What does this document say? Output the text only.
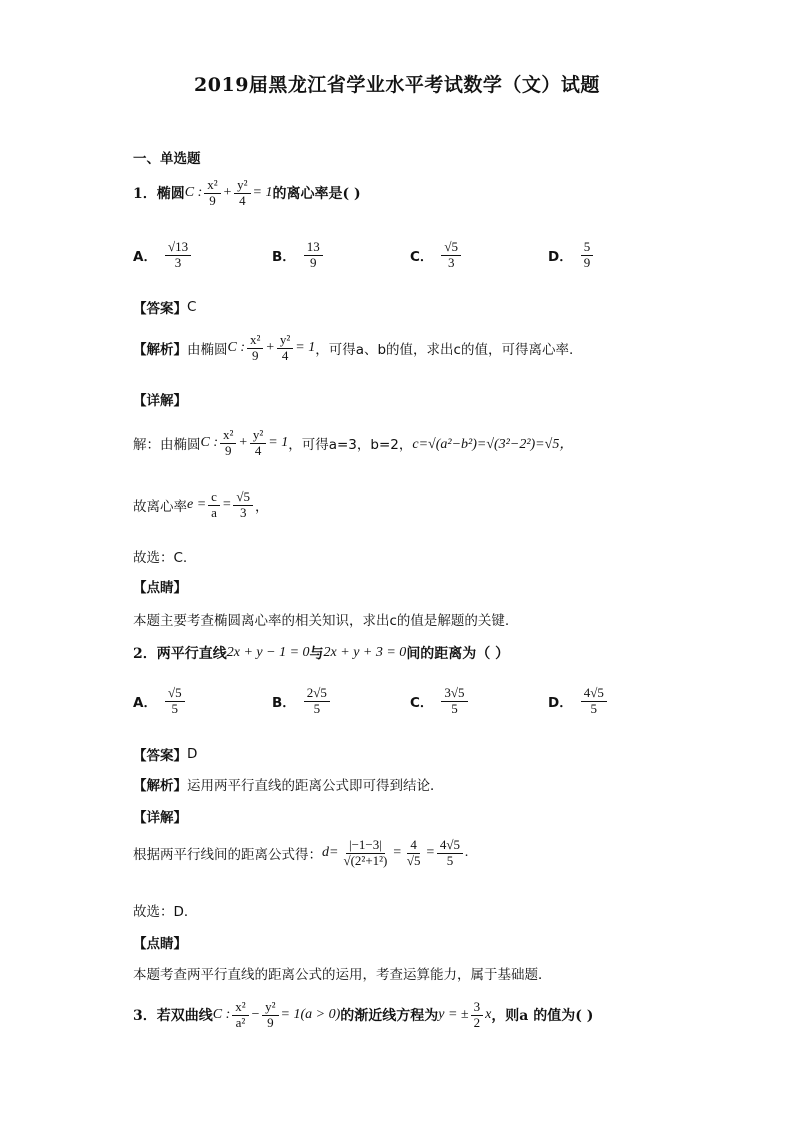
2019届黑龙江省学业水平考试数学（文）试题
一、单选题
1． 椭圆 C : $\frac{\text{x²}}{9} + \frac{\text{y²}}{4} = 1$ 的离心率是( )
A． $\frac{√13}{3}$	B． $\frac{13}{9}$	C． $\frac{√5}{3}$	D． $\frac{5}{9}$
【答案】 C
【解析】 由椭圆 C : $\frac{\text{x²}}{9} + \frac{\text{y²}}{4} = 1$ ，可得a、b的值，求出c的值，可得离心率.
【详解】
解：由椭圆 C : $\frac{\text{x²}}{9} + \frac{\text{y²}}{4} = 1$ ，可得a=3，b=2， c=√(a²−b²)=√(3²−2²)=√5，
故离心率 $e = \frac{c}{a} = \frac{√5}{3}$ ，
故选：C.
【点睛】
本题主要考查椭圆离心率的相关知识，求出c的值是解题的关键.
2． 两平行直线 2x + y − 1 = 0 与 2x + y + 3 = 0 间的距离为（ ）
A． $\frac{√5}{5}$	B． $\frac{2√5}{5}$	C． $\frac{3√5}{5}$	D． $\frac{4√5}{5}$
【答案】 D
【解析】 运用两平行直线的距离公式即可得到结论．
【详解】
根据两平行线间的距离公式得： $d= \frac{|-1-3|}{\text{√(2²+1²)}} = \frac{4}{√5} = \frac{4√5}{5}$ .
故选：D．
【点睛】
本题考查两平行直线的距离公式的运用，考查运算能力，属于基础题．
3． 若双曲线 C : $\frac{\text{x²}}{\text{a²}} - \frac{\text{y²}}{9} = 1(a > 0)$ 的渐近线方程为 y = ± $\frac{3}{2}$ x ，则a 的值为( )
